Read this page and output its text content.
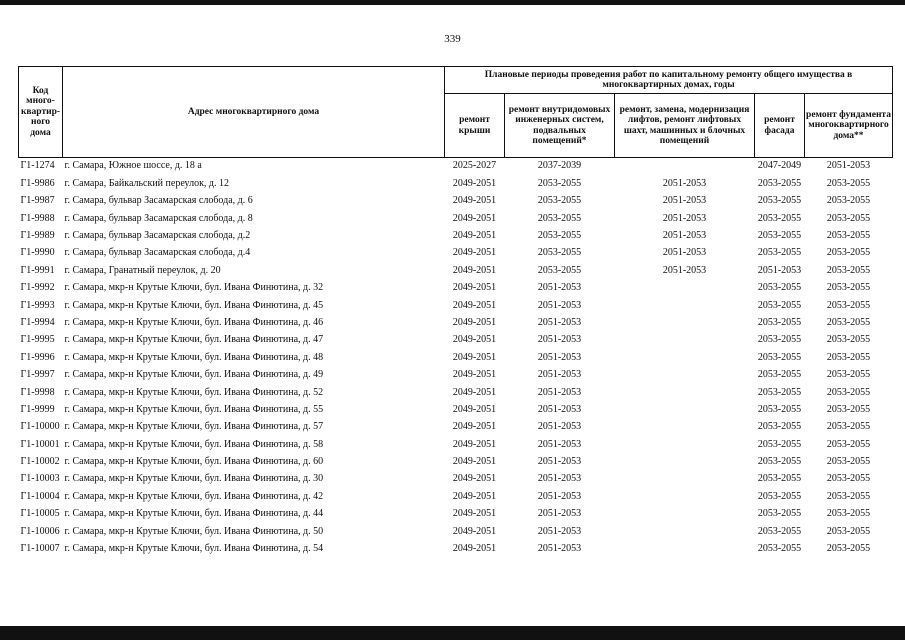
339
Код много-квартир-ного дома	Адрес многоквартирного дома	Плановые периоды проведения работ по капитальному ремонту общего имущества в многоквартирных домах, годы				
		ремонт крыши	ремонт внутридомовых инженерных систем, подвальных помещений*	ремонт, замена, модернизация лифтов, ремонт лифтовых шахт, машинных и блочных помещений	ремонт фасада	ремонт фундамента многоквартирного дома**
Г1-1274	г. Самара, Южное шоссе, д. 18 а	2025-2027	2037-2039		2047-2049	2051-2053
Г1-9986	г. Самара, Байкальский переулок, д. 12	2049-2051	2053-2055	2051-2053	2053-2055	2053-2055
Г1-9987	г. Самара, бульвар Засамарская слобода, д. 6	2049-2051	2053-2055	2051-2053	2053-2055	2053-2055
Г1-9988	г. Самара, бульвар Засамарская слобода, д. 8	2049-2051	2053-2055	2051-2053	2053-2055	2053-2055
Г1-9989	г. Самара, бульвар Засамарская слобода, д.2	2049-2051	2053-2055	2051-2053	2053-2055	2053-2055
Г1-9990	г. Самара, бульвар Засамарская слобода, д.4	2049-2051	2053-2055	2051-2053	2053-2055	2053-2055
Г1-9991	г. Самара, Гранатный переулок, д. 20	2049-2051	2053-2055	2051-2053	2051-2053	2053-2055
Г1-9992	г. Самара, мкр-н Крутые Ключи, бул. Ивана Финютина, д. 32	2049-2051	2051-2053		2053-2055	2053-2055
Г1-9993	г. Самара, мкр-н Крутые Ключи, бул. Ивана Финютина, д. 45	2049-2051	2051-2053		2053-2055	2053-2055
Г1-9994	г. Самара, мкр-н Крутые Ключи, бул. Ивана Финютина, д. 46	2049-2051	2051-2053		2053-2055	2053-2055
Г1-9995	г. Самара, мкр-н Крутые Ключи, бул. Ивана Финютина, д. 47	2049-2051	2051-2053		2053-2055	2053-2055
Г1-9996	г. Самара, мкр-н Крутые Ключи, бул. Ивана Финютина, д. 48	2049-2051	2051-2053		2053-2055	2053-2055
Г1-9997	г. Самара, мкр-н Крутые Ключи, бул. Ивана Финютина, д. 49	2049-2051	2051-2053		2053-2055	2053-2055
Г1-9998	г. Самара, мкр-н Крутые Ключи, бул. Ивана Финютина, д. 52	2049-2051	2051-2053		2053-2055	2053-2055
Г1-9999	г. Самара, мкр-н Крутые Ключи, бул. Ивана Финютина, д. 55	2049-2051	2051-2053		2053-2055	2053-2055
Г1-10000	г. Самара, мкр-н Крутые Ключи, бул. Ивана Финютина, д. 57	2049-2051	2051-2053		2053-2055	2053-2055
Г1-10001	г. Самара, мкр-н Крутые Ключи, бул. Ивана Финютина, д. 58	2049-2051	2051-2053		2053-2055	2053-2055
Г1-10002	г. Самара, мкр-н Крутые Ключи, бул. Ивана Финютина, д. 60	2049-2051	2051-2053		2053-2055	2053-2055
Г1-10003	г. Самара, мкр-н Крутые Ключи, бул. Ивана Финютина, д. 30	2049-2051	2051-2053		2053-2055	2053-2055
Г1-10004	г. Самара, мкр-н Крутые Ключи, бул. Ивана Финютина, д. 42	2049-2051	2051-2053		2053-2055	2053-2055
Г1-10005	г. Самара, мкр-н Крутые Ключи, бул. Ивана Финютина, д. 44	2049-2051	2051-2053		2053-2055	2053-2055
Г1-10006	г. Самара, мкр-н Крутые Ключи, бул. Ивана Финютина, д. 50	2049-2051	2051-2053		2053-2055	2053-2055
Г1-10007	г. Самара, мкр-н Крутые Ключи, бул. Ивана Финютина, д. 54	2049-2051	2051-2053		2053-2055	2053-2055
